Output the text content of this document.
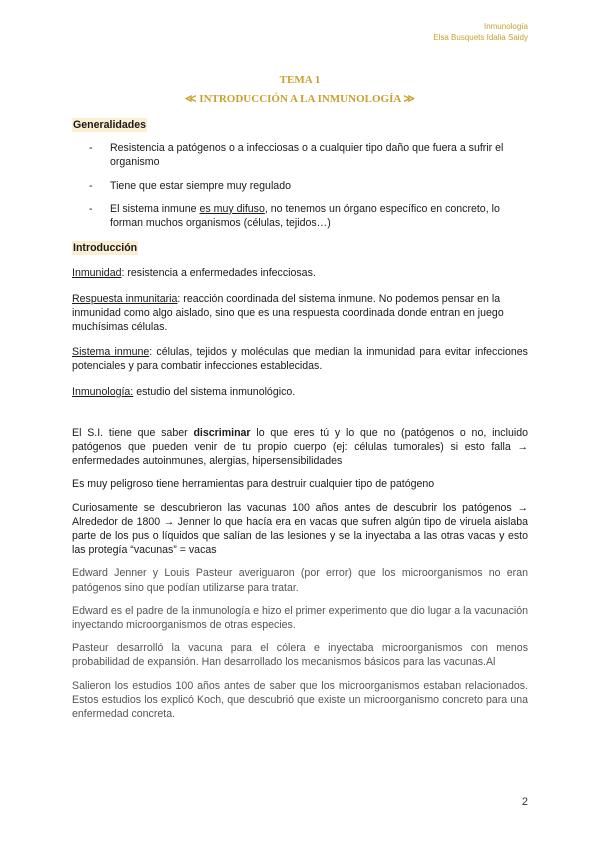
Inmunología
Elsa Busquets Idalia Saidy
TEMA 1
≪ INTRODUCCIÓN A LA INMUNOLOGÍA ≫
Generalidades
- Resistencia a patógenos o a infecciosas o a cualquier tipo daño que fuera a sufrir el organismo
- Tiene que estar siempre muy regulado
- El sistema inmune es muy difuso, no tenemos un órgano específico en concreto, lo forman muchos organismos (células, tejidos…)
Introducción

Inmunidad: resistencia a enfermedades infecciosas.

Respuesta inmunitaria: reacción coordinada del sistema inmune. No podemos pensar en la inmunidad como algo aislado, sino que es una respuesta coordinada donde entran en juego muchísimas células.

Sistema inmune: células, tejidos y moléculas que median la inmunidad para evitar infecciones potenciales y para combatir infecciones establecidas.

Inmunología: estudio del sistema inmunológico.

El S.I. tiene que saber discriminar lo que eres tú y lo que no (patógenos o no, incluido patógenos que pueden venir de tu propio cuerpo (ej: células tumorales) si esto falla → enfermedades autoinmunes, alergias, hipersensibilidades

Es muy peligroso tiene herramientas para destruir cualquier tipo de patógeno

Curiosamente se descubrieron las vacunas 100 años antes de descubrir los patógenos → Alrededor de 1800 → Jenner lo que hacía era en vacas que sufren algún tipo de viruela aislaba parte de los pus o líquidos que salían de las lesiones y se la inyectaba a las otras vacas y esto las protegía “vacunas” = vacas

Edward Jenner y Louis Pasteur averiguaron (por error) que los microorganismos no eran patógenos sino que podían utilizarse para tratar.

Edward es el padre de la inmunología e hizo el primer experimento que dio lugar a la vacunación inyectando microorganismos de otras especies.

Pasteur desarrolló la vacuna para el cólera e inyectaba microorganismos con menos probabilidad de expansión. Han desarrollado los mecanismos básicos para las vacunas.Al

Salieron los estudios 100 años antes de saber que los microorganismos estaban relacionados. Estos estudios los explicó Koch, que descubrió que existe un microorganismo concreto para una enfermedad concreta.

2
